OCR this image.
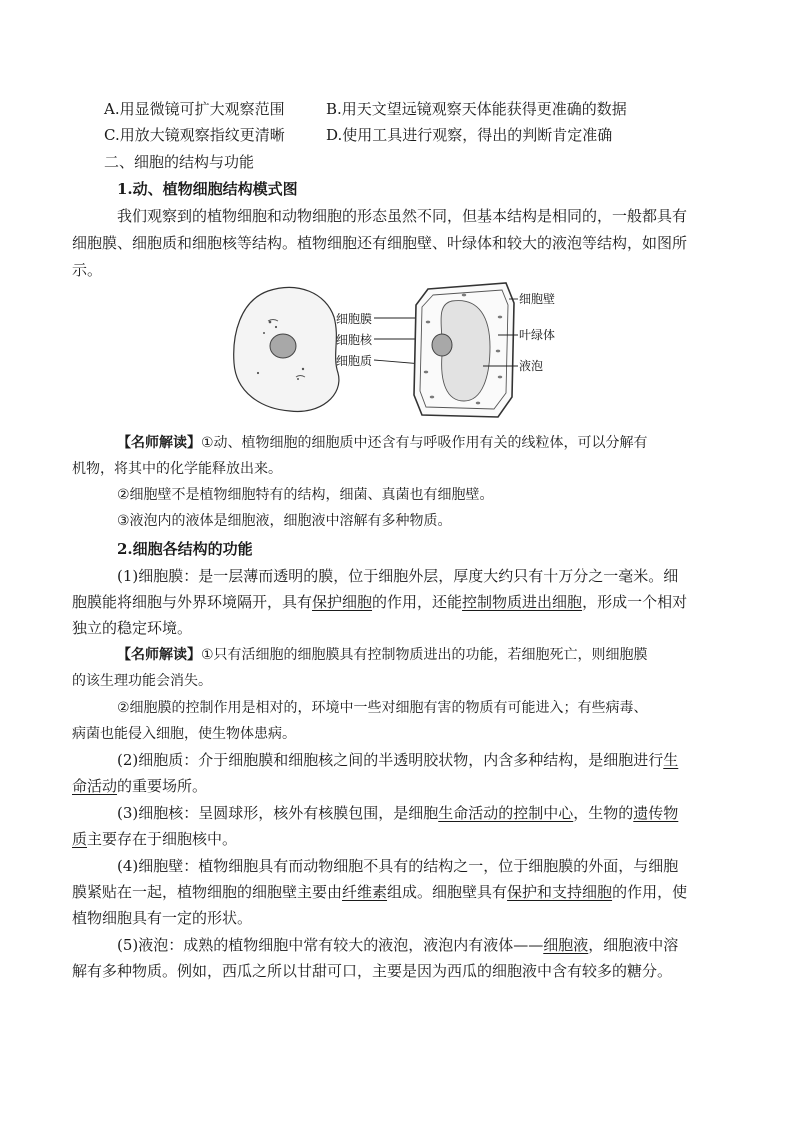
A.用显微镜可扩大观察范围	B.用天文望远镜观察天体能获得更准确的数据
C.用放大镜观察指纹更清晰	D.使用工具进行观察，得出的判断肯定准确
二、细胞的结构与功能
1.动、植物细胞结构模式图
我们观察到的植物细胞和动物细胞的形态虽然不同，但基本结构是相同的，一般都具有
细胞膜、细胞质和细胞核等结构。植物细胞还有细胞壁、叶绿体和较大的液泡等结构，如图所
示。
细胞膜
细胞核
细胞质
细胞壁
叶绿体
液泡
【名师解读】①动、植物细胞的细胞质中还含有与呼吸作用有关的线粒体，可以分解有
机物，将其中的化学能释放出来。
②细胞壁不是植物细胞特有的结构，细菌、真菌也有细胞壁。
③液泡内的液体是细胞液，细胞液中溶解有多种物质。
2.细胞各结构的功能
(1)细胞膜：是一层薄而透明的膜，位于细胞外层，厚度大约只有十万分之一毫米。细
胞膜能将细胞与外界环境隔开，具有保护细胞的作用，还能控制物质进出细胞，形成一个相对
独立的稳定环境。
【名师解读】①只有活细胞的细胞膜具有控制物质进出的功能，若细胞死亡，则细胞膜
的该生理功能会消失。
②细胞膜的控制作用是相对的，环境中一些对细胞有害的物质有可能进入；有些病毒、
病菌也能侵入细胞，使生物体患病。
(2)细胞质：介于细胞膜和细胞核之间的半透明胶状物，内含多种结构，是细胞进行生
命活动的重要场所。
(3)细胞核：呈圆球形，核外有核膜包围，是细胞生命活动的控制中心，生物的遗传物
质主要存在于细胞核中。
(4)细胞壁：植物细胞具有而动物细胞不具有的结构之一，位于细胞膜的外面，与细胞
膜紧贴在一起，植物细胞的细胞壁主要由纤维素组成。细胞壁具有保护和支持细胞的作用，使
植物细胞具有一定的形状。
(5)液泡：成熟的植物细胞中常有较大的液泡，液泡内有液体——细胞液，细胞液中溶
解有多种物质。例如，西瓜之所以甘甜可口，主要是因为西瓜的细胞液中含有较多的糖分。
